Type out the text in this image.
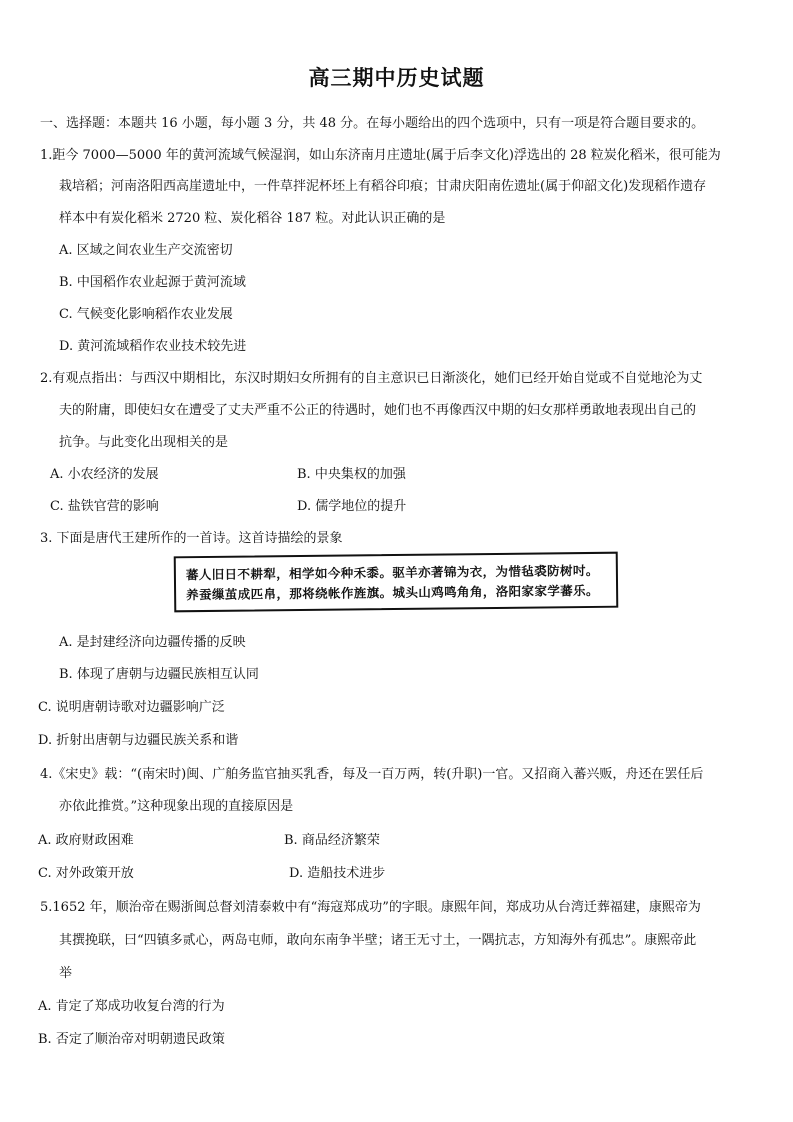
高三期中历史试题
一、选择题：本题共 16 小题，每小题 3 分，共 48 分。在每小题给出的四个选项中，只有一项是符合题目要求的。
1.距今 7000—5000 年的黄河流域气候湿润，如山东济南月庄遗址(属于后李文化)浮选出的 28 粒炭化稻米，很可能为
栽培稻；河南洛阳西高崖遗址中，一件草拌泥杯坯上有稻谷印痕；甘肃庆阳南佐遗址(属于仰韶文化)发现稻作遗存
样本中有炭化稻米 2720 粒、炭化稻谷 187 粒。对此认识正确的是
A. 区域之间农业生产交流密切
B. 中国稻作农业起源于黄河流域
C. 气候变化影响稻作农业发展
D. 黄河流域稻作农业技术较先进
2.有观点指出：与西汉中期相比，东汉时期妇女所拥有的自主意识已日渐淡化，她们已经开始自觉或不自觉地沦为丈
夫的附庸，即使妇女在遭受了丈夫严重不公正的待遇时，她们也不再像西汉中期的妇女那样勇敢地表现出自己的
抗争。与此变化出现相关的是
A. 小农经济的发展	B. 中央集权的加强
C. 盐铁官营的影响	D. 儒学地位的提升
3. 下面是唐代王建所作的一首诗。这首诗描绘的景象
蕃人旧日不耕犁，相学如今种禾黍。驱羊亦著锦为衣，为惜毡裘防树吋。
养蚕缫茧成匹帛，那将绕帐作旌旗。城头山鸡鸣角角，洛阳家家学蕃乐。
A. 是封建经济向边疆传播的反映
B. 体现了唐朝与边疆民族相互认同
C. 说明唐朝诗歌对边疆影响广泛
D. 折射出唐朝与边疆民族关系和谐
4.《宋史》载：“(南宋时)闽、广舶务监官抽买乳香，每及一百万两，转(升职)一官。又招商入蕃兴贩，舟还在罢任后
亦依此推赏。”这种现象出现的直接原因是
A. 政府财政困难	B. 商品经济繁荣
C. 对外政策开放	D. 造船技术进步
5.1652 年，顺治帝在赐浙闽总督刘清泰敕中有“海寇郑成功”的字眼。康熙年间，郑成功从台湾迁葬福建，康熙帝为
其撰挽联，曰“四镇多贰心，两岛屯师，敢向东南争半壁；诸王无寸土，一隅抗志，方知海外有孤忠”。康熙帝此
举
A. 肯定了郑成功收复台湾的行为
B. 否定了顺治帝对明朝遗民政策
